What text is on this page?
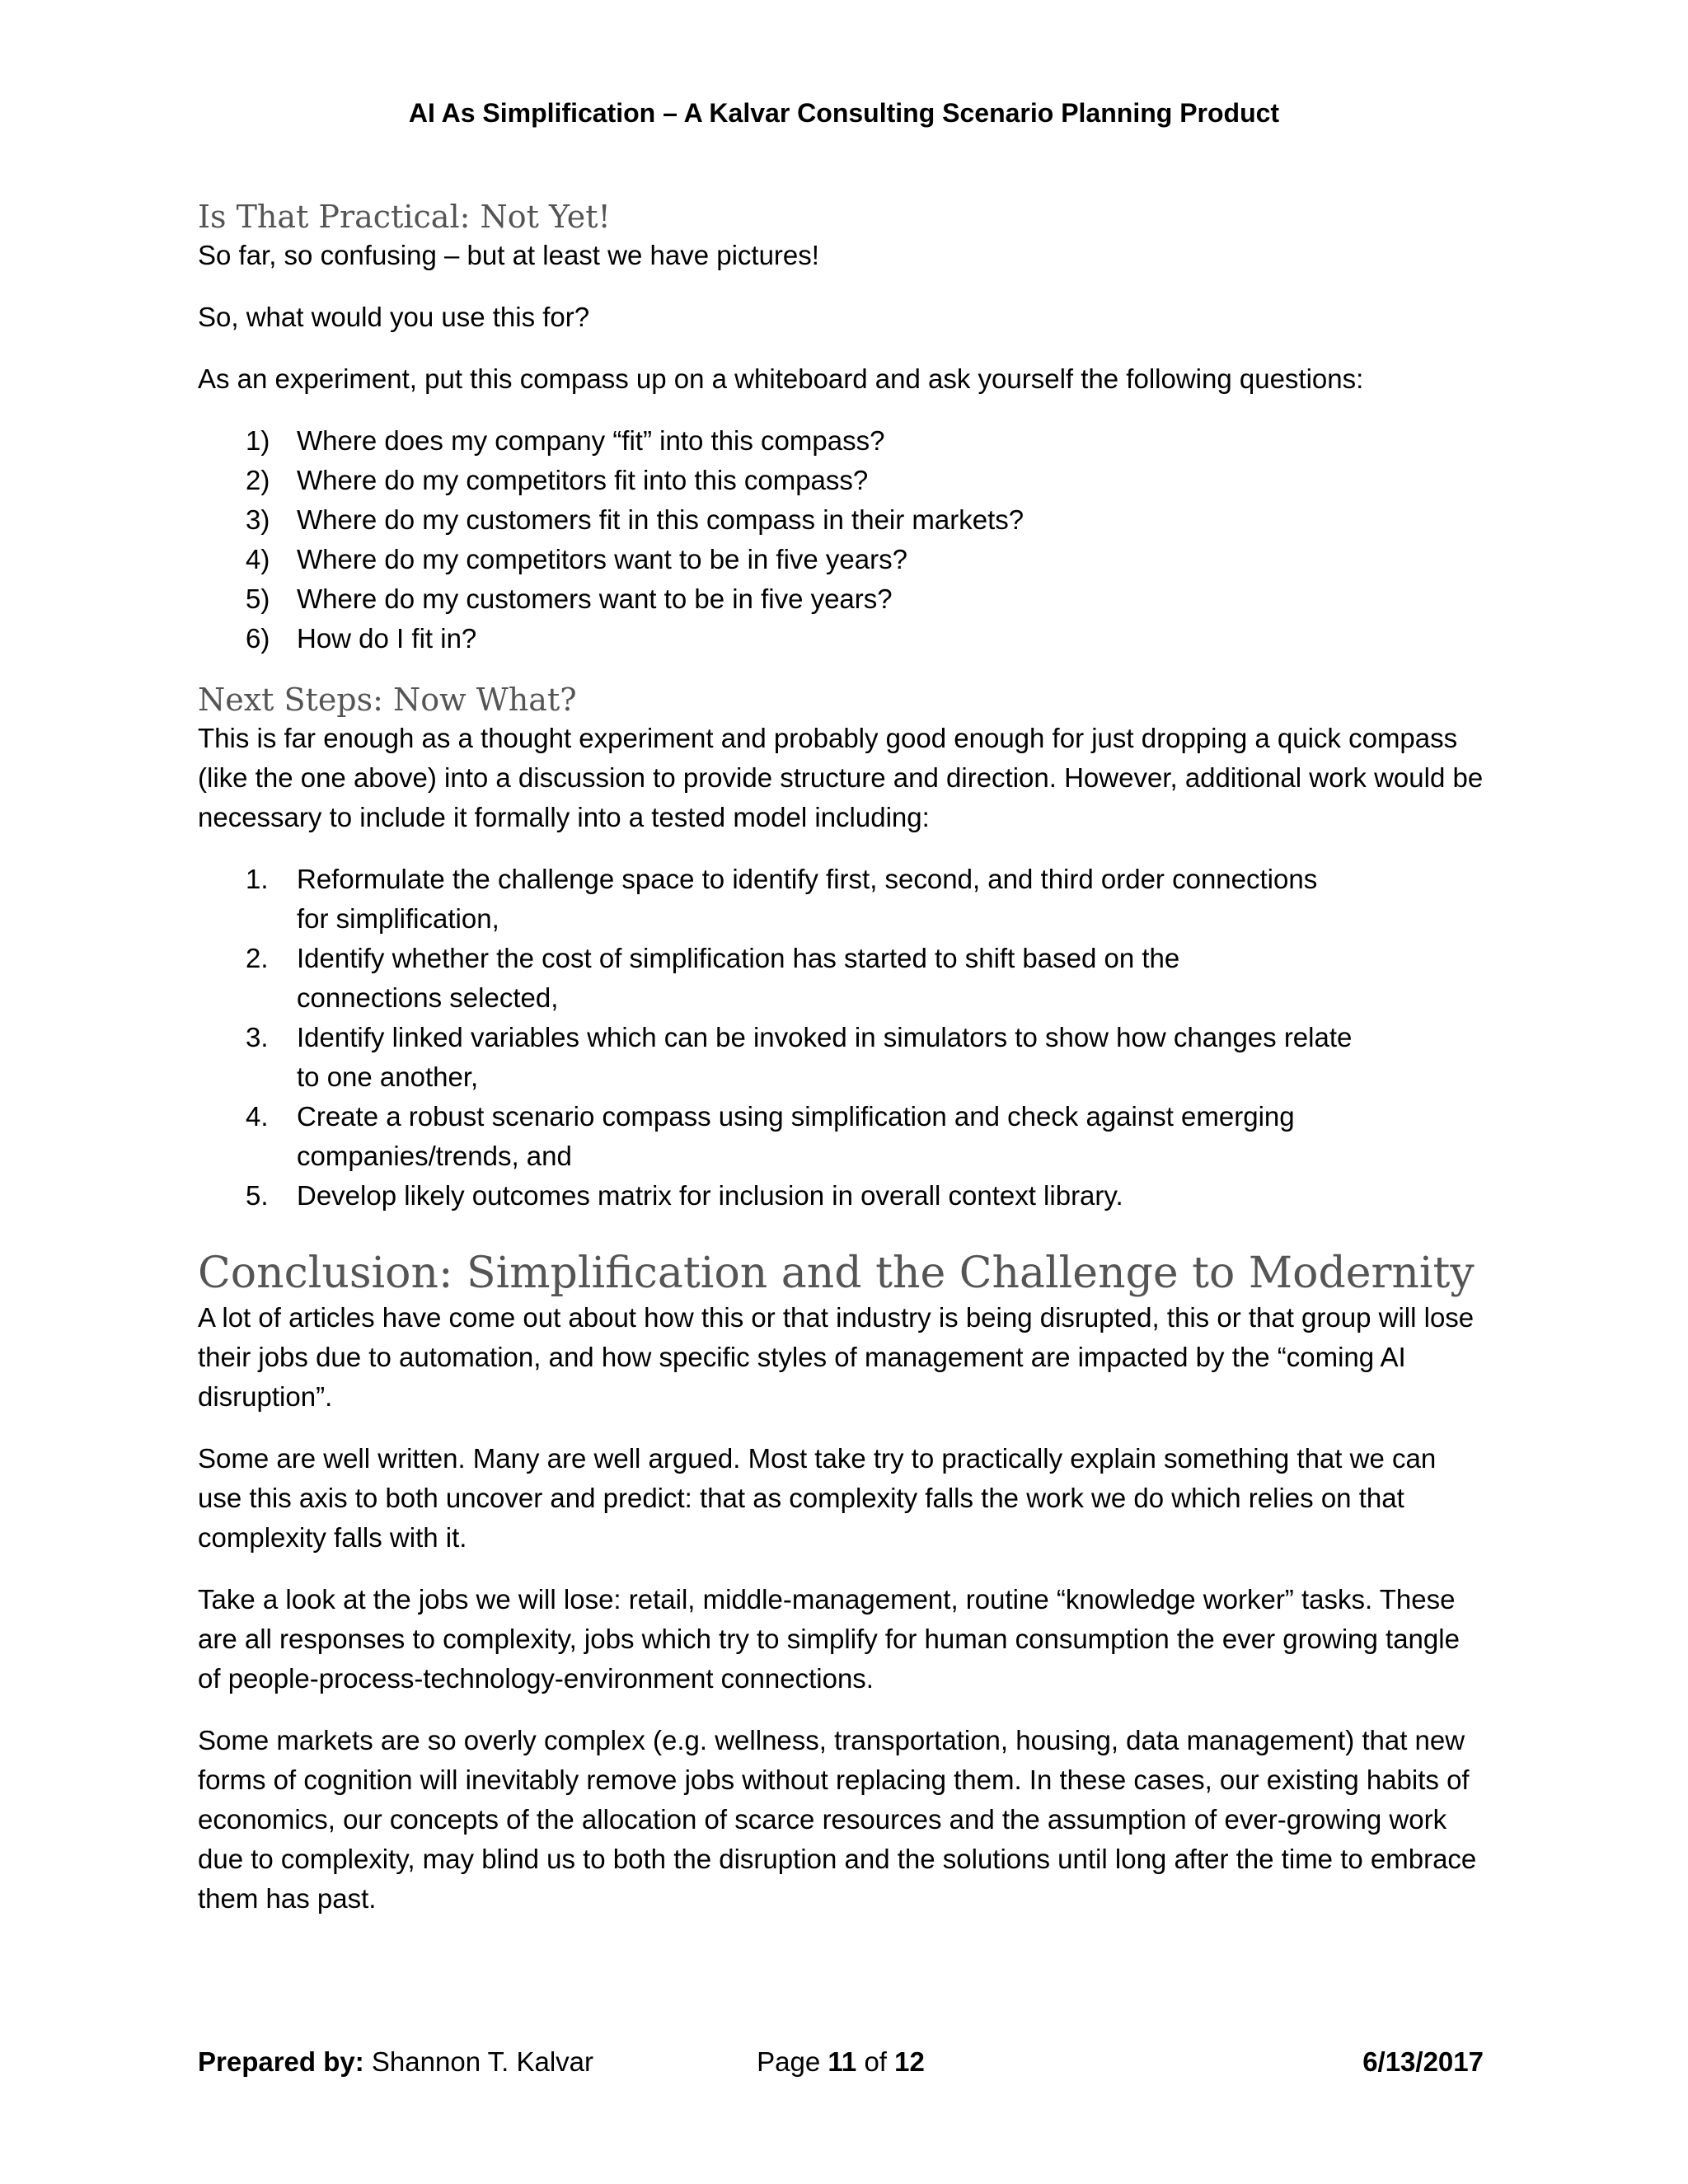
AI As Simplification – A Kalvar Consulting Scenario Planning Product
Is That Practical: Not Yet!

So far, so confusing – but at least we have pictures!

So, what would you use this for?

As an experiment, put this compass up on a whiteboard and ask yourself the following questions:

1) Where does my company “fit” into this compass?
2) Where do my competitors fit into this compass?
3) Where do my customers fit in this compass in their markets?
4) Where do my competitors want to be in five years?
5) Where do my customers want to be in five years?
6) How do I fit in?
Next Steps: Now What?

This is far enough as a thought experiment and probably good enough for just dropping a quick compass (like the one above) into a discussion to provide structure and direction. However, additional work would be necessary to include it formally into a tested model including:

1. Reformulate the challenge space to identify first, second, and third order connections
for simplification,
2. Identify whether the cost of simplification has started to shift based on the
connections selected,
3. Identify linked variables which can be invoked in simulators to show how changes relate
to one another,
4. Create a robust scenario compass using simplification and check against emerging
companies/trends, and
5. Develop likely outcomes matrix for inclusion in overall context library.
Conclusion: Simplification and the Challenge to Modernity

A lot of articles have come out about how this or that industry is being disrupted, this or that group will lose their jobs due to automation, and how specific styles of management are impacted by the “coming AI disruption”.

Some are well written. Many are well argued. Most take try to practically explain something that we can use this axis to both uncover and predict: that as complexity falls the work we do which relies on that complexity falls with it.

Take a look at the jobs we will lose: retail, middle-management, routine “knowledge worker” tasks. These are all responses to complexity, jobs which try to simplify for human consumption the ever growing tangle of people-process-technology-environment connections.

Some markets are so overly complex (e.g. wellness, transportation, housing, data management) that new forms of cognition will inevitably remove jobs without replacing them. In these cases, our existing habits of economics, our concepts of the allocation of scarce resources and the assumption of ever-growing work due to complexity, may blind us to both the disruption and the solutions until long after the time to embrace them has past.

Prepared by: Shannon T. Kalvar	Page 11 of 12	6/13/2017
